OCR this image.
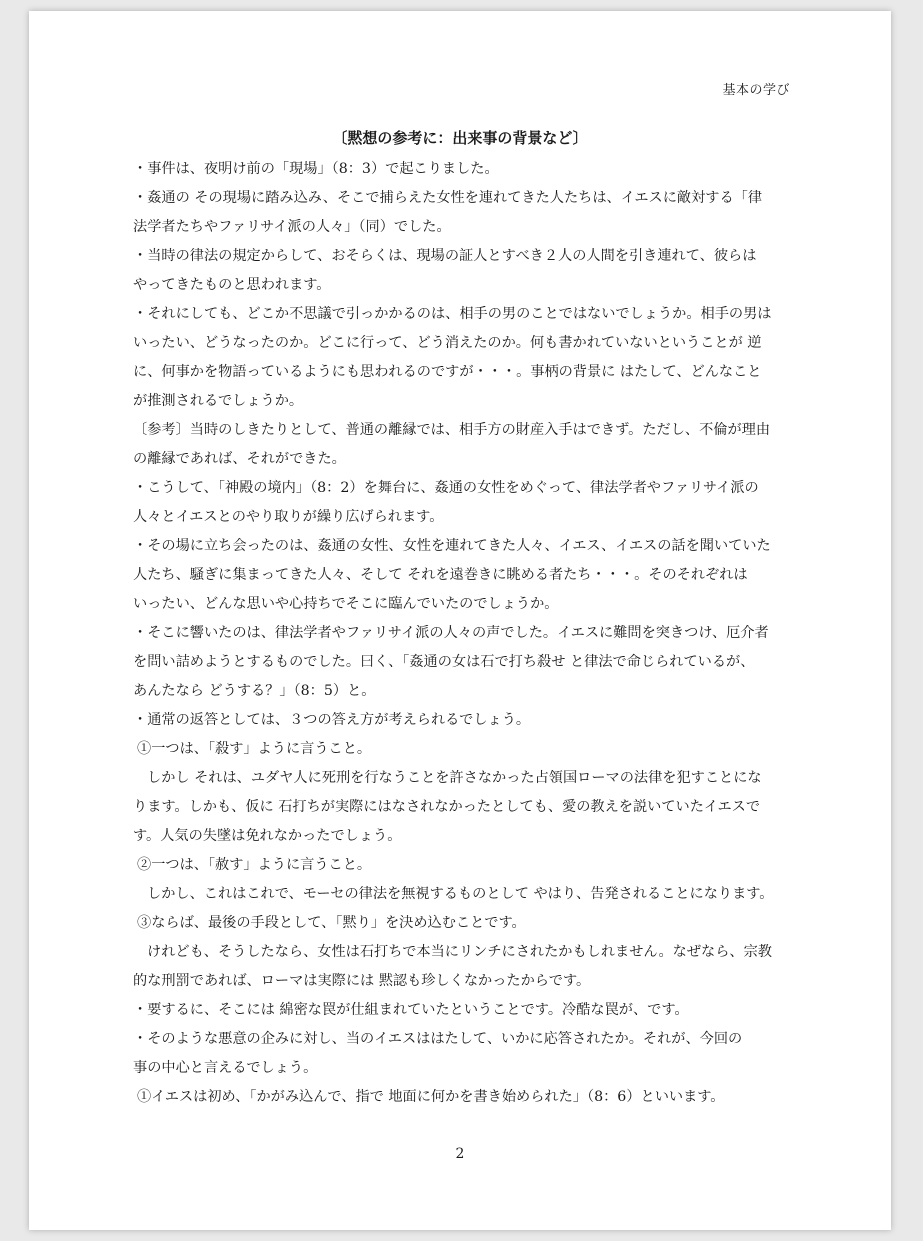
基本の学び
〔黙想の参考に：出来事の背景など〕
・事件は、夜明け前の「現場」（8：3）で起こりました。
・姦通の その現場に踏み込み、そこで捕らえた女性を連れてきた人たちは、イエスに敵対する「律
法学者たちやファリサイ派の人々」（同）でした。
・当時の律法の規定からして、おそらくは、現場の証人とすべき２人の人間を引き連れて、彼らは
やってきたものと思われます。
・それにしても、どこか不思議で引っかかるのは、相手の男のことではないでしょうか。相手の男は
いったい、どうなったのか。どこに行って、どう消えたのか。何も書かれていないということが 逆
に、何事かを物語っているようにも思われるのですが・・・。事柄の背景に はたして、どんなこと
が推測されるでしょうか。
〔参考〕当時のしきたりとして、普通の離縁では、相手方の財産入手はできず。ただし、不倫が理由
の離縁であれば、それができた。
・こうして、「神殿の境内」（8：2）を舞台に、姦通の女性をめぐって、律法学者やファリサイ派の
人々とイエスとのやり取りが繰り広げられます。
・その場に立ち会ったのは、姦通の女性、女性を連れてきた人々、イエス、イエスの話を聞いていた
人たち、騒ぎに集まってきた人々、そして それを遠巻きに眺める者たち・・・。そのそれぞれは
いったい、どんな思いや心持ちでそこに臨んでいたのでしょうか。
・そこに響いたのは、律法学者やファリサイ派の人々の声でした。イエスに難問を突きつけ、厄介者
を問い詰めようとするものでした。曰く、「姦通の女は石で打ち殺せ と律法で命じられているが、
あんたなら どうする？」（8：5）と。
・通常の返答としては、３つの答え方が考えられるでしょう。
①一つは、「殺す」ように言うこと。
しかし それは、ユダヤ人に死刑を行なうことを許さなかった占領国ローマの法律を犯すことにな
ります。しかも、仮に 石打ちが実際にはなされなかったとしても、愛の教えを説いていたイエスで
す。人気の失墜は免れなかったでしょう。
②一つは、「赦す」ように言うこと。
しかし、これはこれで、モーセの律法を無視するものとして やはり、告発されることになります。
③ならば、最後の手段として、「黙り」を決め込むことです。
けれども、そうしたなら、女性は石打ちで本当にリンチにされたかもしれません。なぜなら、宗教
的な刑罰であれば、ローマは実際には 黙認も珍しくなかったからです。
・要するに、そこには 綿密な罠が仕組まれていたということです。冷酷な罠が、です。
・そのような悪意の企みに対し、当のイエスははたして、いかに応答されたか。それが、今回の
事の中心と言えるでしょう。
①イエスは初め、「かがみ込んで、指で 地面に何かを書き始められた」（8：6）といいます。
2
